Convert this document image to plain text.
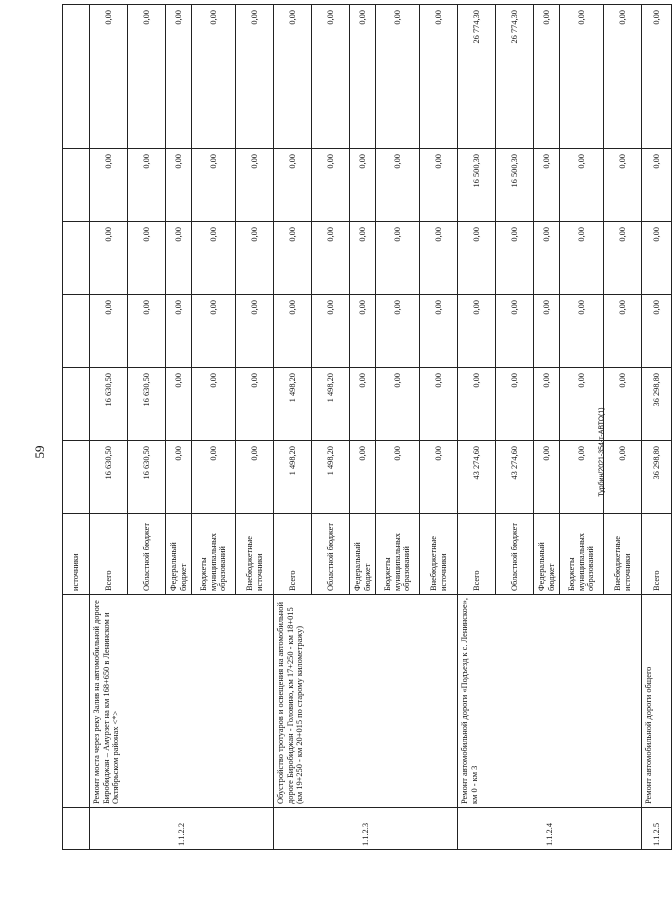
59
		источники							
1.1.2.2	Ремонт моста через реку Залив на автомобильной дороге Биробиджан – Амурзет на км 168+650 в Ленинском и Октябрьском районах <*>	Всего	16 630,50	16 630,50	0,00	0,00	0,00	0,00	
		Областной бюджет	16 630,50	16 630,50	0,00	0,00	0,00	0,00	
		Федеральный бюджет	0,00	0,00	0,00	0,00	0,00	0,00	
		Бюджеты муниципальных образований	0,00	0,00	0,00	0,00	0,00	0,00	
		Внебюджетные источники	0,00	0,00	0,00	0,00	0,00	0,00	
1.1.2.3	Обустройство тротуаров и освещения на автомобильной дороге Биробиджан - Головино, км 17+250 - км 18+015 (км 19+250 - км 20+015 по старому километражу)	Всего	1 498,20	1 498,20	0,00	0,00	0,00	0,00	
		Областной бюджет	1 498,20	1 498,20	0,00	0,00	0,00	0,00	
		Федеральный бюджет	0,00	0,00	0,00	0,00	0,00	0,00	
		Бюджеты муниципальных образований	0,00	0,00	0,00	0,00	0,00	0,00	
		Внебюджетные источники	0,00	0,00	0,00	0,00	0,00	0,00	
1.1.2.4	Ремонт автомобильной дороги «Подъезд к с. Ленинское», км 0 - км 3	Всего	43 274,60	0,00	0,00	0,00	16 500,30	26 774,30	
		Областной бюджет	43 274,60	0,00	0,00	0,00	16 500,30	26 774,30	
		Федеральный бюджет	0,00	0,00	0,00	0,00	0,00	0,00	
		Бюджеты муниципальных образований	0,00	0,00	0,00	0,00	0,00	0,00	
		Внебюджетные источники	0,00	0,00	0,00	0,00	0,00	0,00	
1.1.2.5	Ремонт автомобильной дороги общего	Всего	36 298,80	36 298,80	0,00	0,00	0,00	0,00	
Турбин/2021-354-т-АВТО(1)
